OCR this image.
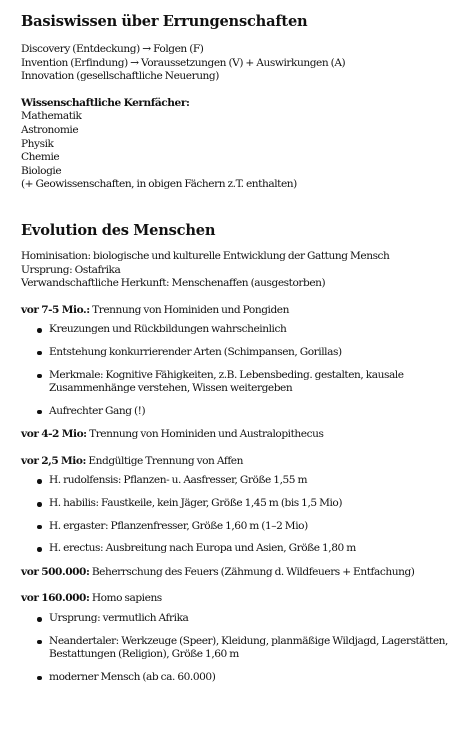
Basiswissen über Errungenschaften

Discovery (Entdeckung) → Folgen (F)

Invention (Erfindung) → Voraussetzungen (V) + Auswirkungen (A)

Innovation (gesellschaftliche Neuerung)

Wissenschaftliche Kernfächer:

Mathematik

Astronomie

Physik

Chemie

Biologie

(+ Geowissenschaften, in obigen Fächern z.T. enthalten)

Evolution des Menschen

Hominisation: biologische und kulturelle Entwicklung der Gattung Mensch

Ursprung: Ostafrika

Verwandschaftliche Herkunft: Menschenaffen (ausgestorben)

vor 7-5 Mio.: Trennung von Hominiden und Pongiden

Kreuzungen und Rückbildungen wahrscheinlich
Entstehung konkurrierender Arten (Schimpansen, Gorillas)
Merkmale: Kognitive Fähigkeiten, z.B. Lebensbeding. gestalten, kausale Zusammenhänge verstehen, Wissen weitergeben
Aufrechter Gang (!)

vor 4-2 Mio: Trennung von Hominiden und Australopithecus

vor 2,5 Mio: Endgültige Trennung von Affen

H. rudolfensis: Pflanzen- u. Aasfresser, Größe 1,55 m
H. habilis: Faustkeile, kein Jäger, Größe 1,45 m (bis 1,5 Mio)
H. ergaster: Pflanzenfresser, Größe 1,60 m (1–2 Mio)
H. erectus: Ausbreitung nach Europa und Asien, Größe 1,80 m

vor 500.000: Beherrschung des Feuers (Zähmung d. Wildfeuers + Entfachung)

vor 160.000: Homo sapiens

Ursprung: vermutlich Afrika
Neandertaler: Werkzeuge (Speer), Kleidung, planmäßige Wildjagd, Lagerstätten, Bestattungen (Religion), Größe 1,60 m
moderner Mensch (ab ca. 60.000)
